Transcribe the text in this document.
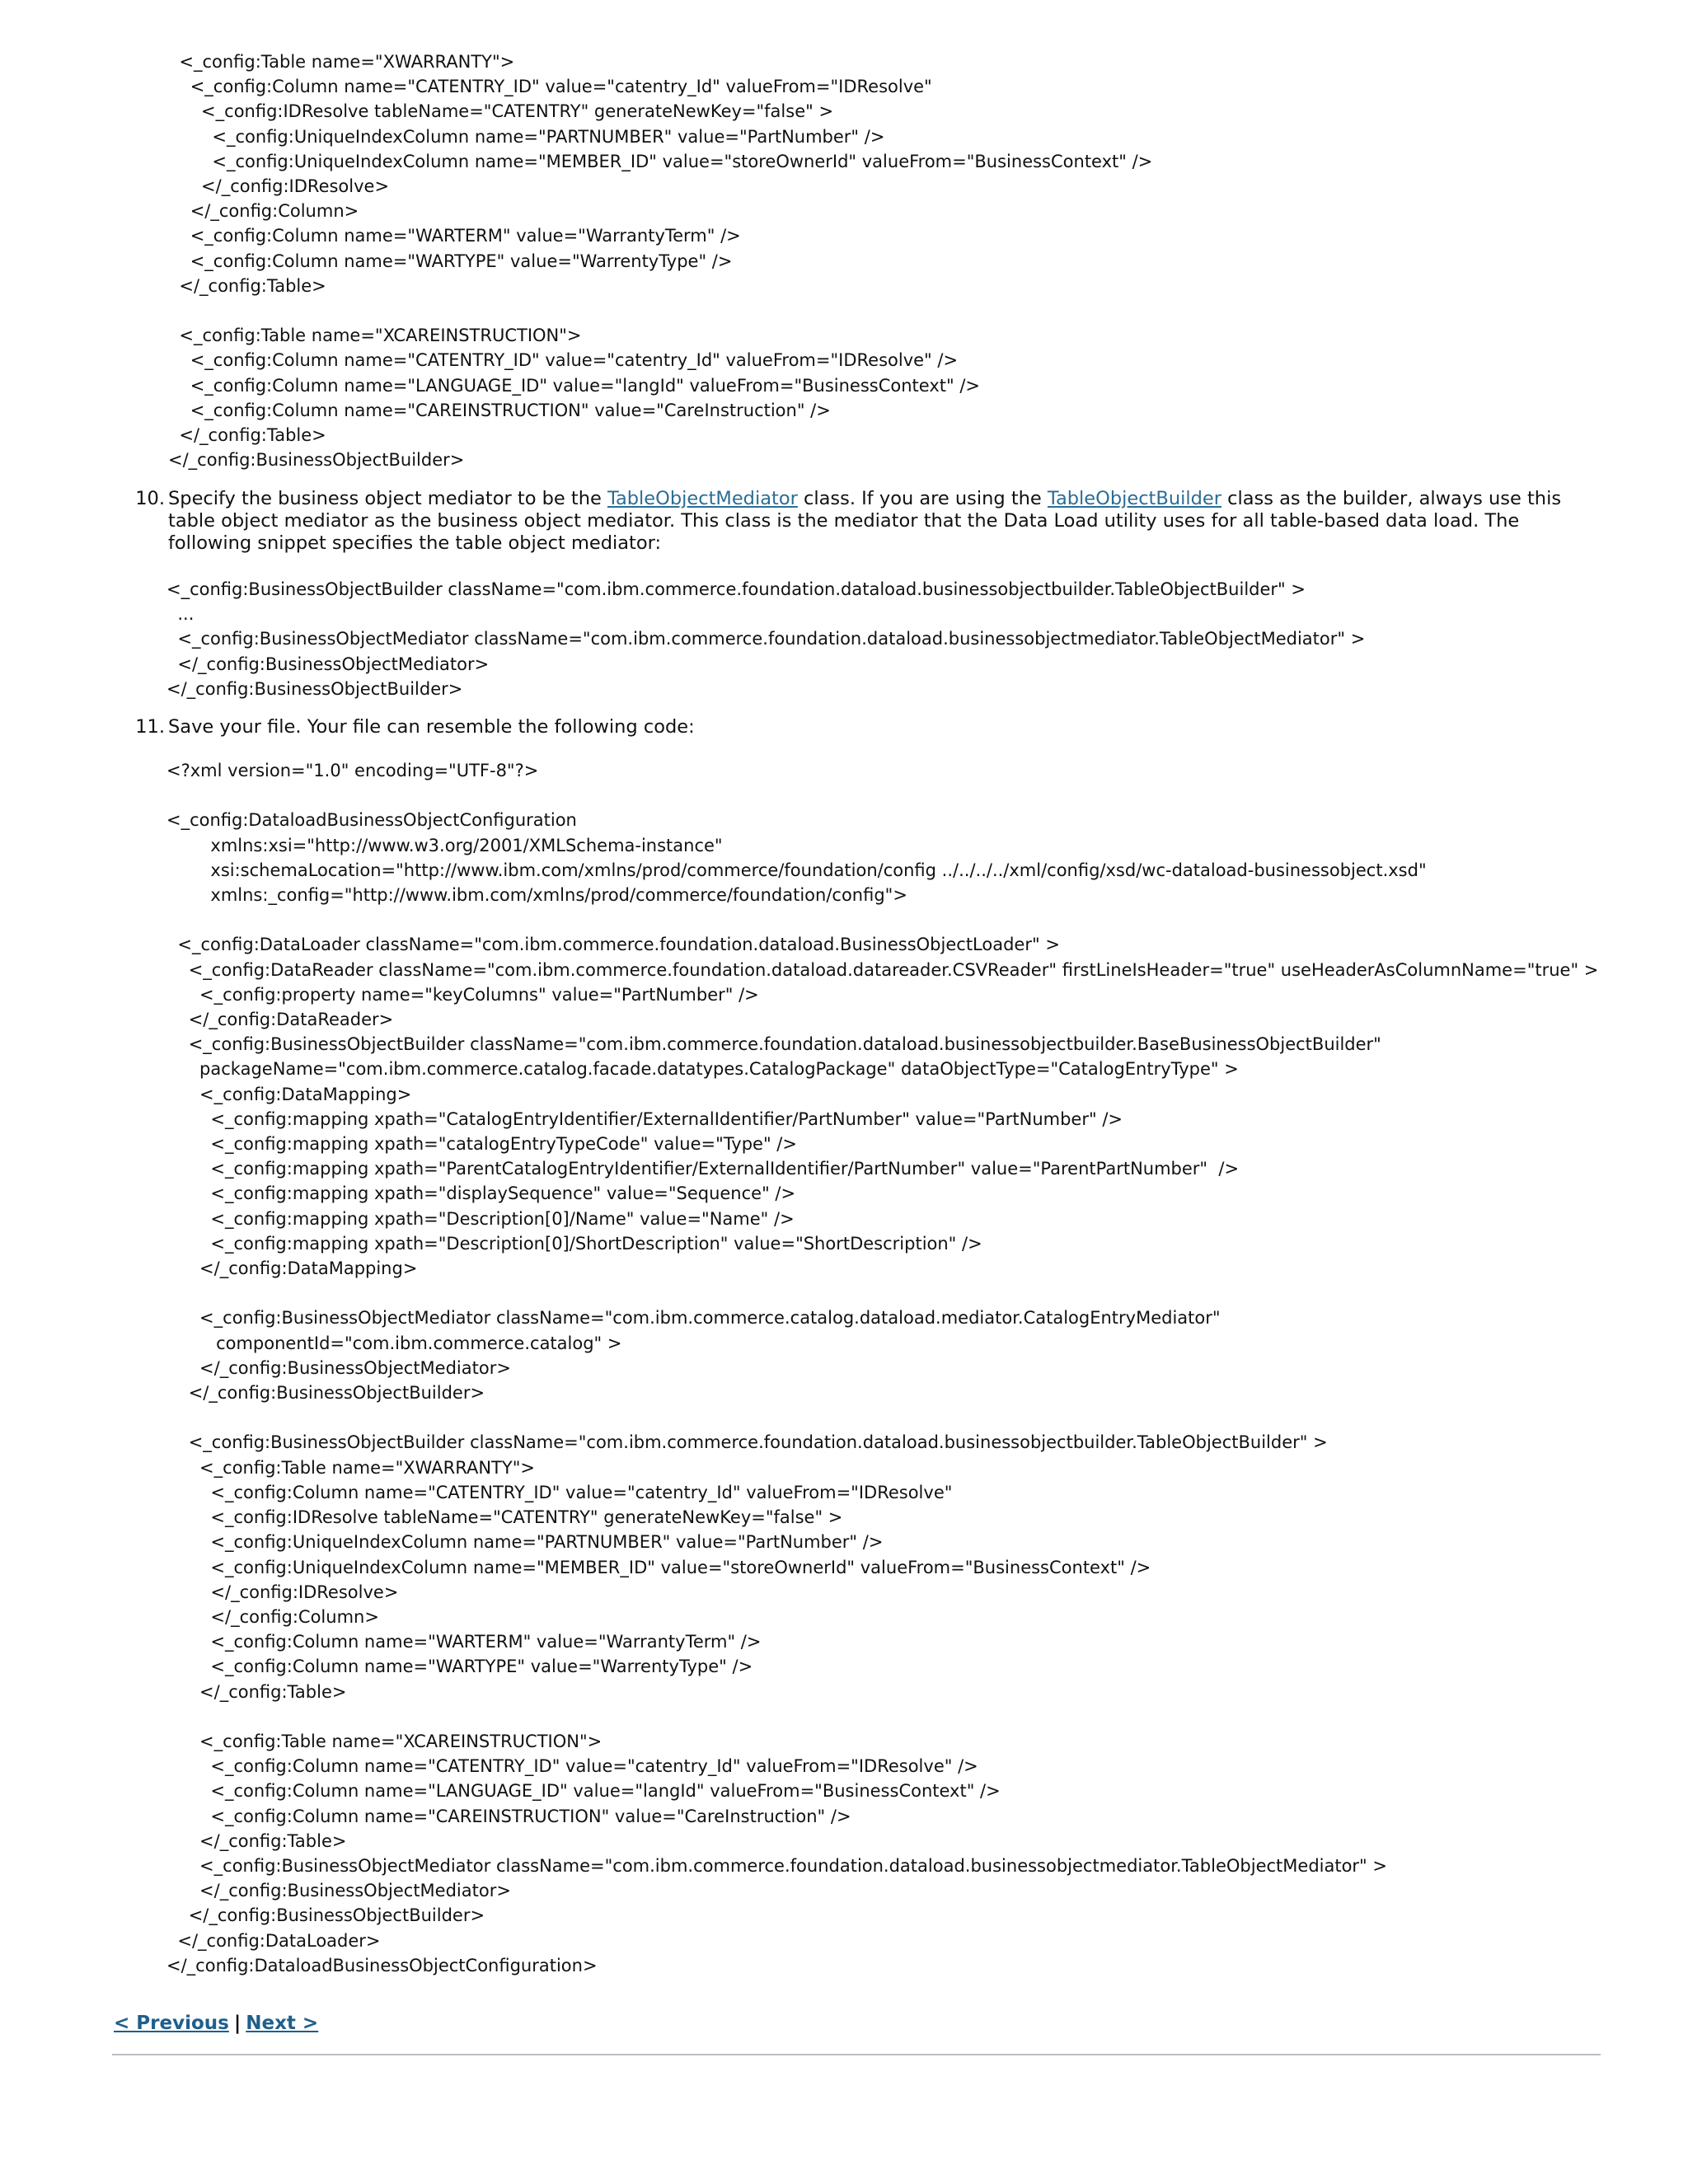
<_config:Table name="XWARRANTY">
<_config:Column name="CATENTRY_ID" value="catentry_Id" valueFrom="IDResolve"
<_config:IDResolve tableName="CATENTRY" generateNewKey="false" >
<_config:UniqueIndexColumn name="PARTNUMBER" value="PartNumber" />
<_config:UniqueIndexColumn name="MEMBER_ID" value="storeOwnerId" valueFrom="BusinessContext" />
</_config:IDResolve>
</_config:Column>
<_config:Column name="WARTERM" value="WarrantyTerm" />
<_config:Column name="WARTYPE" value="WarrentyType" />
</_config:Table>

<_config:Table name="XCAREINSTRUCTION">
<_config:Column name="CATENTRY_ID" value="catentry_Id" valueFrom="IDResolve" />
<_config:Column name="LANGUAGE_ID" value="langId" valueFrom="BusinessContext" />
<_config:Column name="CAREINSTRUCTION" value="CareInstruction" />
</_config:Table>
</_config:BusinessObjectBuilder>
10. Specify the business object mediator to be the TableObjectMediator class. If you are using the TableObjectBuilder class as the builder, always use this
table object mediator as the business object mediator. This class is the mediator that the Data Load utility uses for all table-based data load. The
following snippet specifies the table object mediator:
<_config:BusinessObjectBuilder className="com.ibm.commerce.foundation.dataload.businessobjectbuilder.TableObjectBuilder" >
...
<_config:BusinessObjectMediator className="com.ibm.commerce.foundation.dataload.businessobjectmediator.TableObjectMediator" >
</_config:BusinessObjectMediator>
</_config:BusinessObjectBuilder>
11. Save your file. Your file can resemble the following code:
<?xml version="1.0" encoding="UTF-8"?>

<_config:DataloadBusinessObjectConfiguration
xmlns:xsi="http://www.w3.org/2001/XMLSchema-instance"
xsi:schemaLocation="http://www.ibm.com/xmlns/prod/commerce/foundation/config ../../../../xml/config/xsd/wc-dataload-businessobject.xsd"
xmlns:_config="http://www.ibm.com/xmlns/prod/commerce/foundation/config">

<_config:DataLoader className="com.ibm.commerce.foundation.dataload.BusinessObjectLoader" >
<_config:DataReader className="com.ibm.commerce.foundation.dataload.datareader.CSVReader" firstLineIsHeader="true" useHeaderAsColumnName="true" >
<_config:property name="keyColumns" value="PartNumber" />
</_config:DataReader>
<_config:BusinessObjectBuilder className="com.ibm.commerce.foundation.dataload.businessobjectbuilder.BaseBusinessObjectBuilder"
packageName="com.ibm.commerce.catalog.facade.datatypes.CatalogPackage" dataObjectType="CatalogEntryType" >
<_config:DataMapping>
<_config:mapping xpath="CatalogEntryIdentifier/ExternalIdentifier/PartNumber" value="PartNumber" />
<_config:mapping xpath="catalogEntryTypeCode" value="Type" />
<_config:mapping xpath="ParentCatalogEntryIdentifier/ExternalIdentifier/PartNumber" value="ParentPartNumber"  />
<_config:mapping xpath="displaySequence" value="Sequence" />
<_config:mapping xpath="Description[0]/Name" value="Name" />
<_config:mapping xpath="Description[0]/ShortDescription" value="ShortDescription" />
</_config:DataMapping>

<_config:BusinessObjectMediator className="com.ibm.commerce.catalog.dataload.mediator.CatalogEntryMediator"
componentId="com.ibm.commerce.catalog" >
</_config:BusinessObjectMediator>
</_config:BusinessObjectBuilder>

<_config:BusinessObjectBuilder className="com.ibm.commerce.foundation.dataload.businessobjectbuilder.TableObjectBuilder" >
<_config:Table name="XWARRANTY">
<_config:Column name="CATENTRY_ID" value="catentry_Id" valueFrom="IDResolve"
<_config:IDResolve tableName="CATENTRY" generateNewKey="false" >
<_config:UniqueIndexColumn name="PARTNUMBER" value="PartNumber" />
<_config:UniqueIndexColumn name="MEMBER_ID" value="storeOwnerId" valueFrom="BusinessContext" />
</_config:IDResolve>
</_config:Column>
<_config:Column name="WARTERM" value="WarrantyTerm" />
<_config:Column name="WARTYPE" value="WarrentyType" />
</_config:Table>

<_config:Table name="XCAREINSTRUCTION">
<_config:Column name="CATENTRY_ID" value="catentry_Id" valueFrom="IDResolve" />
<_config:Column name="LANGUAGE_ID" value="langId" valueFrom="BusinessContext" />
<_config:Column name="CAREINSTRUCTION" value="CareInstruction" />
</_config:Table>
<_config:BusinessObjectMediator className="com.ibm.commerce.foundation.dataload.businessobjectmediator.TableObjectMediator" >
</_config:BusinessObjectMediator>
</_config:BusinessObjectBuilder>
</_config:DataLoader>
</_config:DataloadBusinessObjectConfiguration>
< Previous | Next >
